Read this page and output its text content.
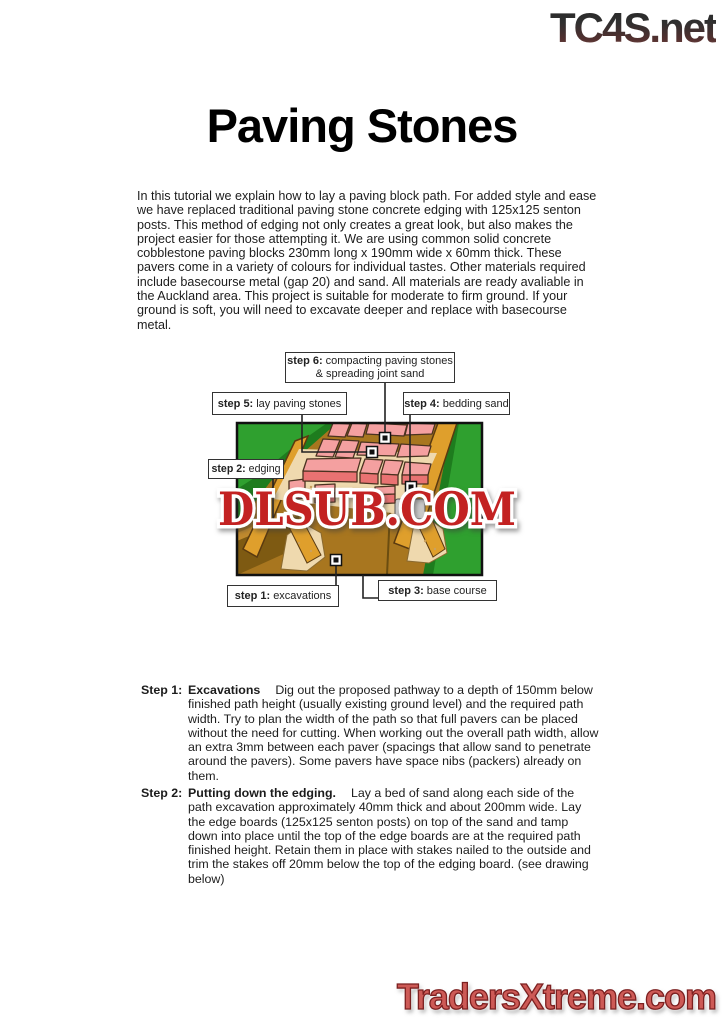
TC4S.net
Paving Stones
In this tutorial we explain how to lay a paving block path. For added style and ease we have replaced traditional paving stone concrete edging with 125x125 senton posts. This method of edging not only creates a great look, but also makes the project easier for those attempting it. We are using common solid concrete cobblestone paving blocks 230mm long x 190mm wide x 60mm thick. These pavers come in a variety of colours for individual tastes. Other materials required include basecourse metal (gap 20) and sand. All materials are ready avaliable in the Auckland area. This project is suitable for moderate to firm ground. If your ground is soft, you will need to excavate deeper and replace with basecourse metal.
DLSUB.COM
step 6: compacting paving stones
& spreading joint sand
step 5: lay paving stones	step 4: bedding sand
step 2: edging
step 1: excavations	step 3: base course
Step 1: Excavations Dig out the proposed pathway to a depth of 150mm below finished path height (usually existing ground level) and the required path width. Try to plan the width of the path so that full pavers can be placed without the need for cutting. When working out the overall path width, allow an extra 3mm between each paver (spacings that allow sand to penetrate around the pavers). Some pavers have space nibs (packers) already on them.
Step 2: Putting down the edging. Lay a bed of sand along each side of the path excavation approximately 40mm thick and about 200mm wide. Lay the edge boards (125x125 senton posts) on top of the sand and tamp down into place until the top of the edge boards are at the required path finished height. Retain them in place with stakes nailed to the outside and trim the stakes off 20mm below the top of the edging board. (see drawing below)
TradersXtreme.com
